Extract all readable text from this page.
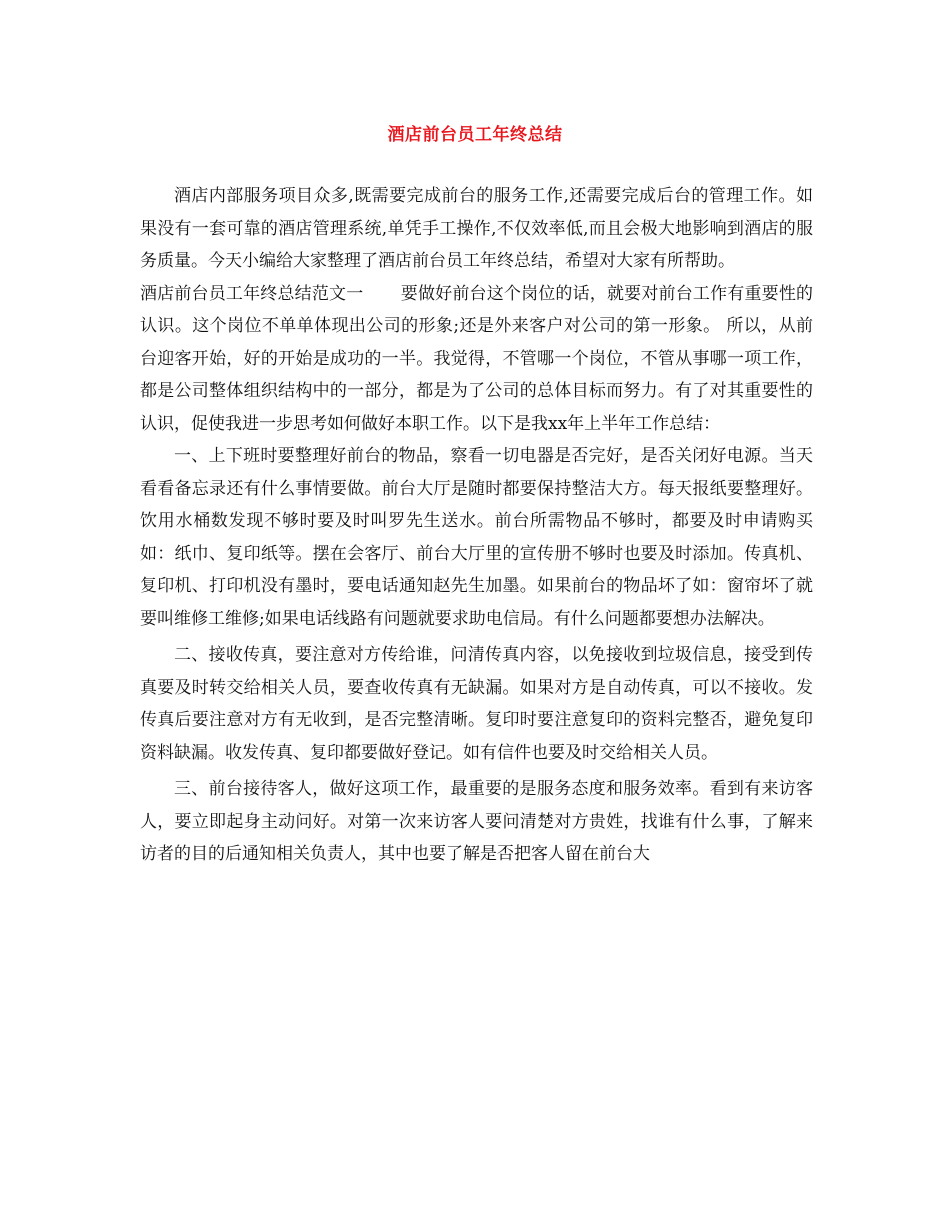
酒店前台员工年终总结

酒店内部服务项目众多,既需要完成前台的服务工作,还需要完成后台的管理工作。如果没有一套可靠的酒店管理系统,单凭手工操作,不仅效率低,而且会极大地影响到酒店的服务质量。今天小编给大家整理了酒店前台员工年终总结，希望对大家有所帮助。

酒店前台员工年终总结范文一 要做好前台这个岗位的话，就要对前台工作有重要性的认识。这个岗位不单单体现出公司的形象;还是外来客户对公司的第一形象。 所以，从前台迎客开始，好的开始是成功的一半。我觉得，不管哪一个岗位，不管从事哪一项工作，都是公司整体组织结构中的一部分，都是为了公司的总体目标而努力。有了对其重要性的认识，促使我进一步思考如何做好本职工作。以下是我xx年上半年工作总结：

一、上下班时要整理好前台的物品，察看一切电器是否完好，是否关闭好电源。当天看看备忘录还有什么事情要做。前台大厅是随时都要保持整洁大方。每天报纸要整理好。饮用水桶数发现不够时要及时叫罗先生送水。前台所需物品不够时，都要及时申请购买如：纸巾、复印纸等。摆在会客厅、前台大厅里的宣传册不够时也要及时添加。传真机、复印机、打印机没有墨时，要电话通知赵先生加墨。如果前台的物品坏了如：窗帘坏了就要叫维修工维修;如果电话线路有问题就要求助电信局。有什么问题都要想办法解决。

二、接收传真，要注意对方传给谁，问清传真内容，以免接收到垃圾信息，接受到传真要及时转交给相关人员，要查收传真有无缺漏。如果对方是自动传真，可以不接收。发传真后要注意对方有无收到，是否完整清晰。复印时要注意复印的资料完整否，避免复印资料缺漏。收发传真、复印都要做好登记。如有信件也要及时交给相关人员。

三、前台接待客人，做好这项工作，最重要的是服务态度和服务效率。看到有来访客人，要立即起身主动问好。对第一次来访客人要问清楚对方贵姓，找谁有什么事，了解来访者的目的后通知相关负责人，其中也要了解是否把客人留在前台大
